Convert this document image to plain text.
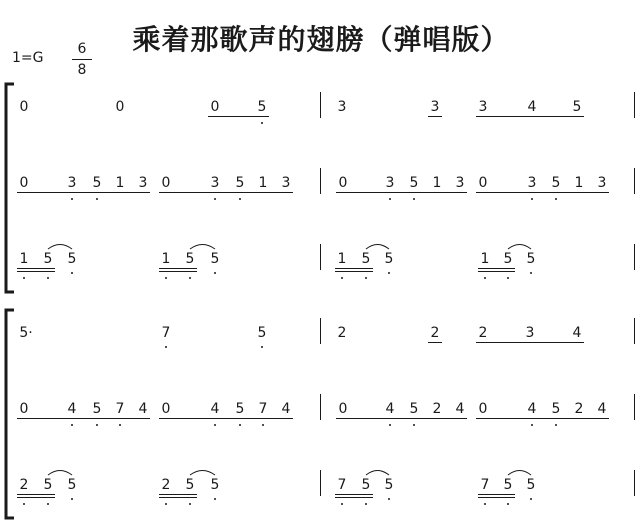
乘着那歌声的翅膀（弹唱版）
1=G
6
8
0	0	0	5	3	3	3	4	5
0	3 5 1 3 0	3 5 1 3	0	3 5 1 3 0	3 5 1 3
1 5 5	1 5 5	1 5 5	1 5 5
5·	7	5	2	2	2	3	4
0	4 5 7 4 0	4 5 7 4	0	4 5 2 4 0	4 5 2 4
2 5 5	2 5 5	7 5 5	7 5 5
